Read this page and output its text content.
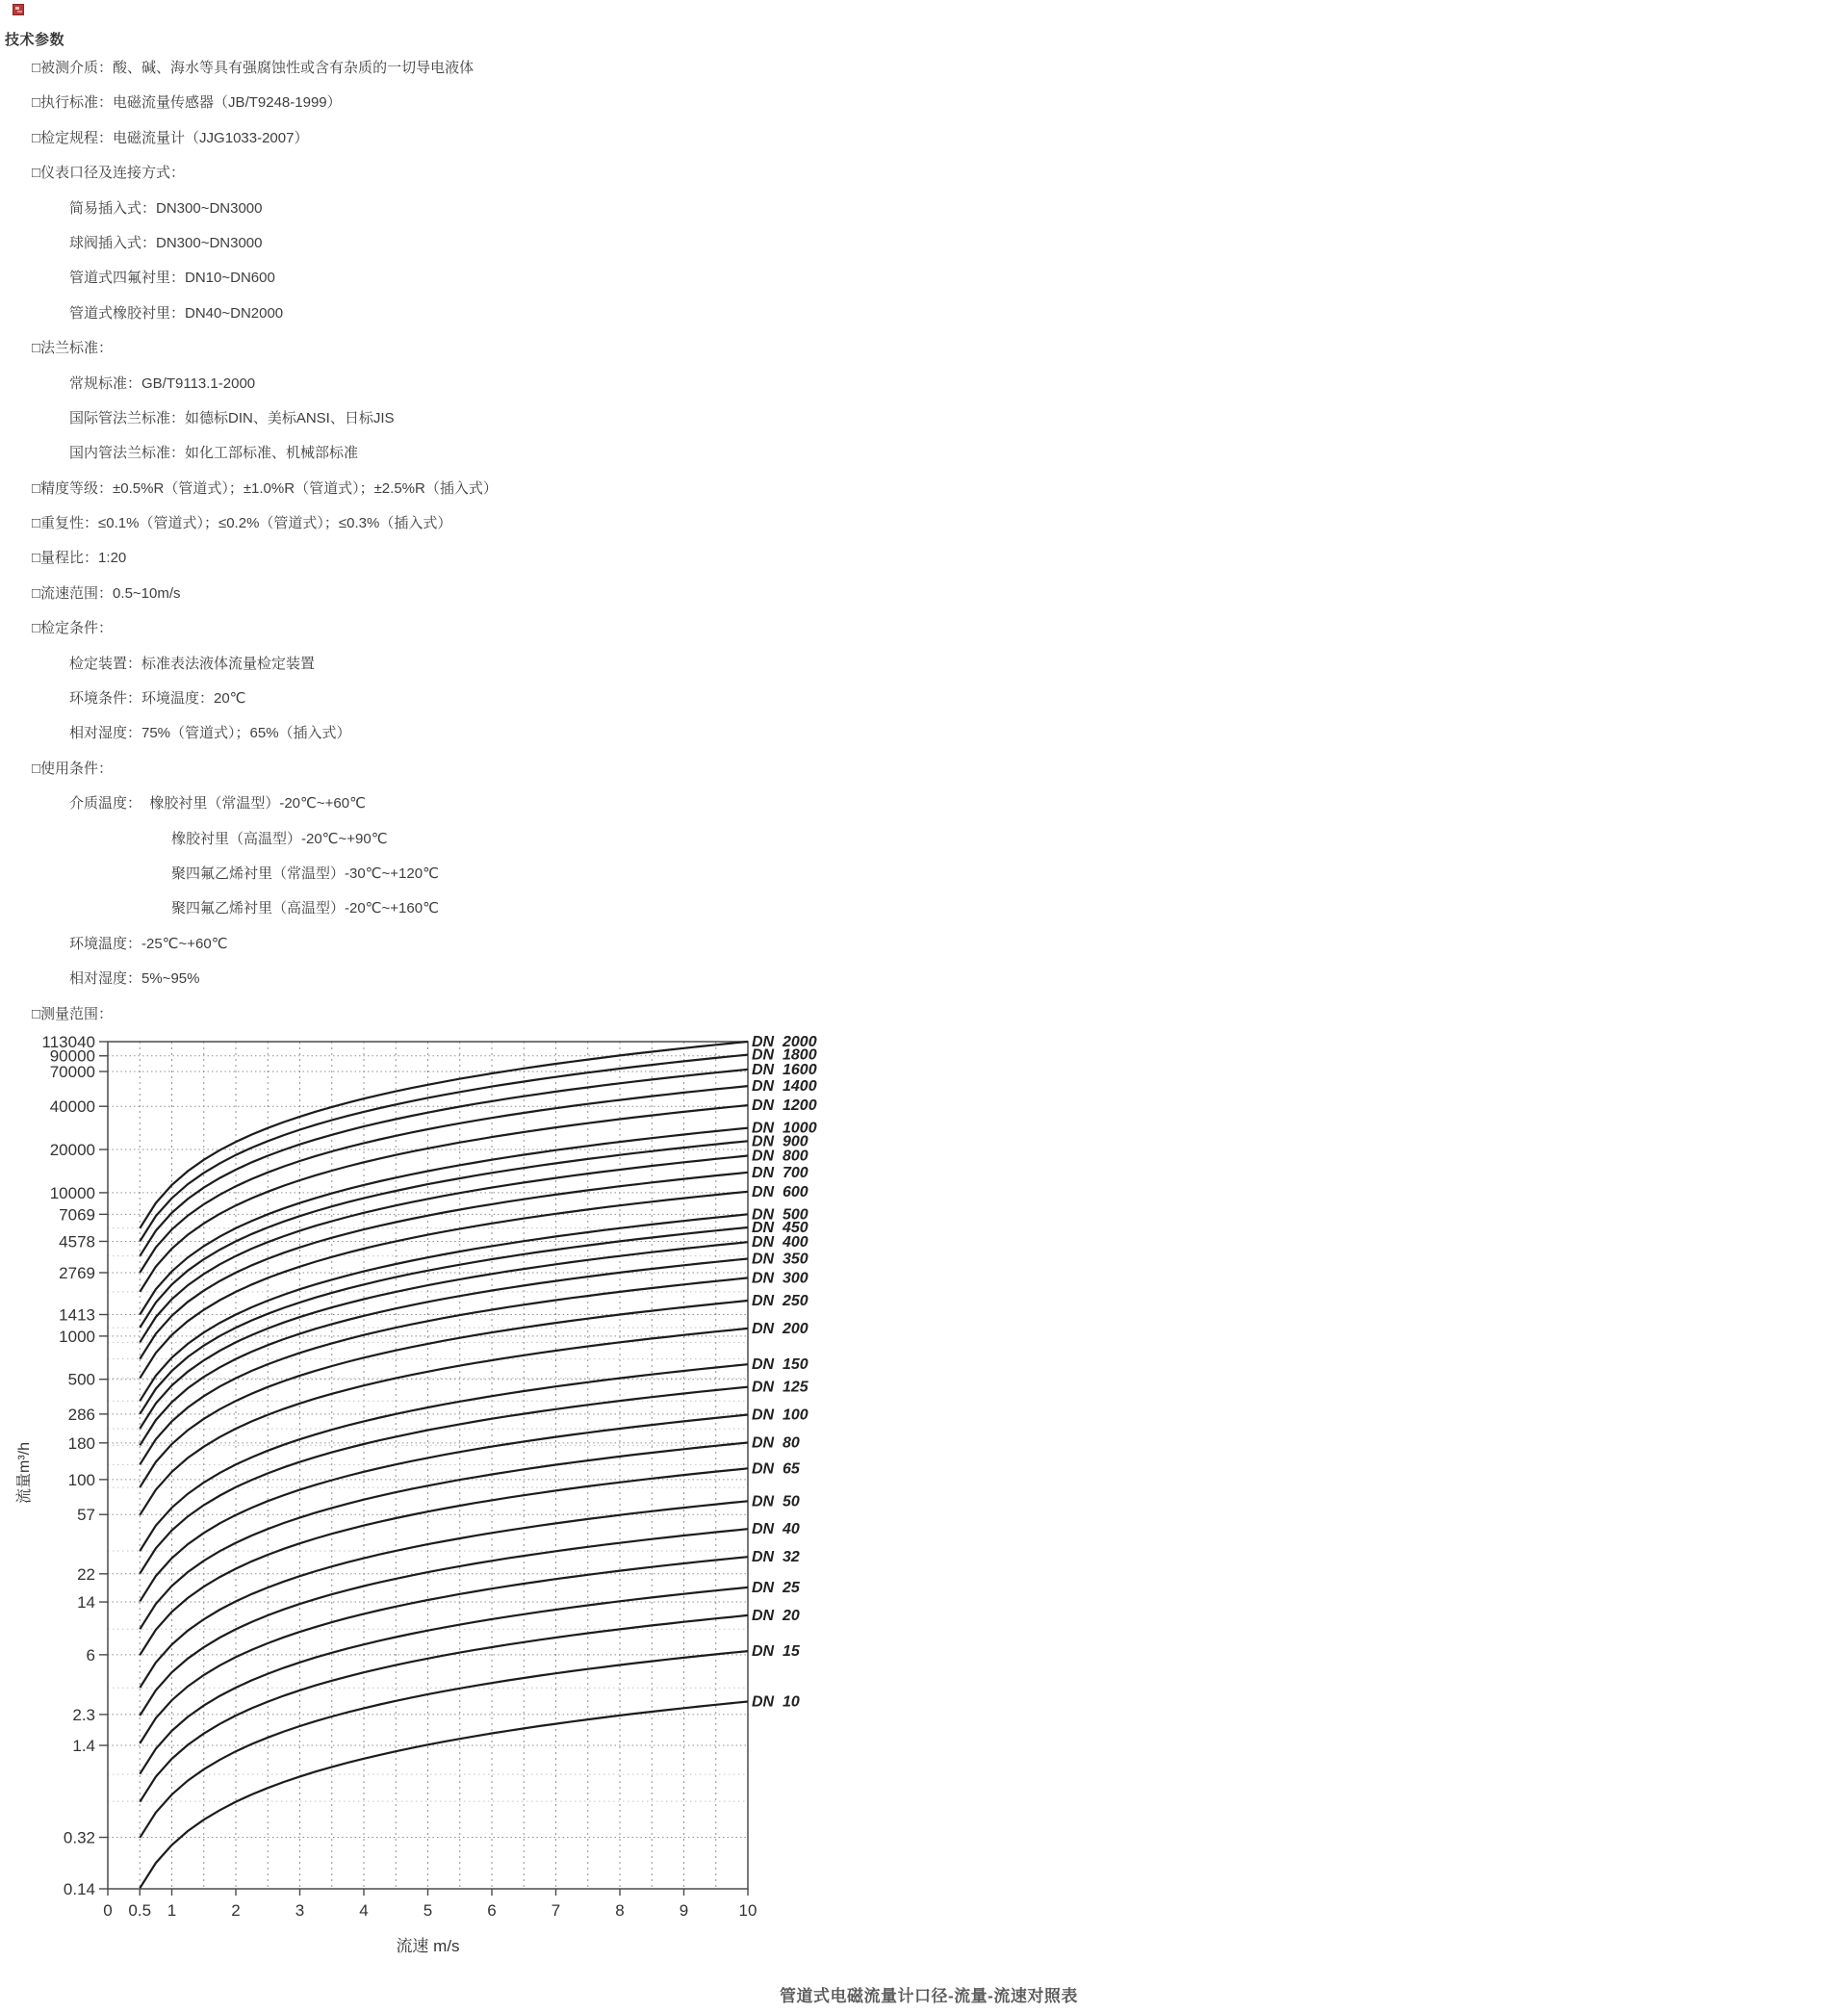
技术参数
□被测介质：酸、碱、海水等具有强腐蚀性或含有杂质的一切导电液体
□执行标准：电磁流量传感器（JB/T9248-1999）
□检定规程：电磁流量计（JJG1033-2007）
□仪表口径及连接方式：
简易插入式：DN300~DN3000
球阀插入式：DN300~DN3000
管道式四氟衬里：DN10~DN600
管道式橡胶衬里：DN40~DN2000
□法兰标准：
常规标准：GB/T9113.1-2000
国际管法兰标准：如德标DIN、美标ANSI、日标JIS
国内管法兰标准：如化工部标准、机械部标准
□精度等级：±0.5%R（管道式）；±1.0%R（管道式）；±2.5%R（插入式）
□重复性：≤0.1%（管道式）；≤0.2%（管道式）；≤0.3%（插入式）
□量程比：1:20
□流速范围：0.5~10m/s
□检定条件：
检定装置：标准表法液体流量检定装置
环境条件：环境温度：20℃
相对湿度：75%（管道式）；65%（插入式）
□使用条件：
介质温度：  橡胶衬里（常温型）-20℃~+60℃
橡胶衬里（高温型）-20℃~+90℃
聚四氟乙烯衬里（常温型）-30℃~+120℃
聚四氟乙烯衬里（高温型）-20℃~+160℃
环境温度：-25℃~+60℃
相对湿度：5%~95%
□测量范围：
113040
90000
70000
40000
20000
10000
7069
4578
2769
1413
1000
500
286
180
100
57
22
14
6
2.3
1.4
0.32
0.14
0 0.5 1	2	3	4	5	6	7	8	9	10
DN 2000
DN 1800
DN 1600
DN 1400
DN 1200
DN 1000
DN 900
DN 800
DN 700
DN 600
DN 500
DN 450
DN 400
DN 350
DN 300
DN 250
DN 200
DN 150
DN 125
DN 100
DN 80
DN 65
DN 50
DN 40
DN 32
DN 25
DN 20
DN 15
DN 10
流速 m/s
流量m³/h
管道式电磁流量计口径-流量-流速对照表
